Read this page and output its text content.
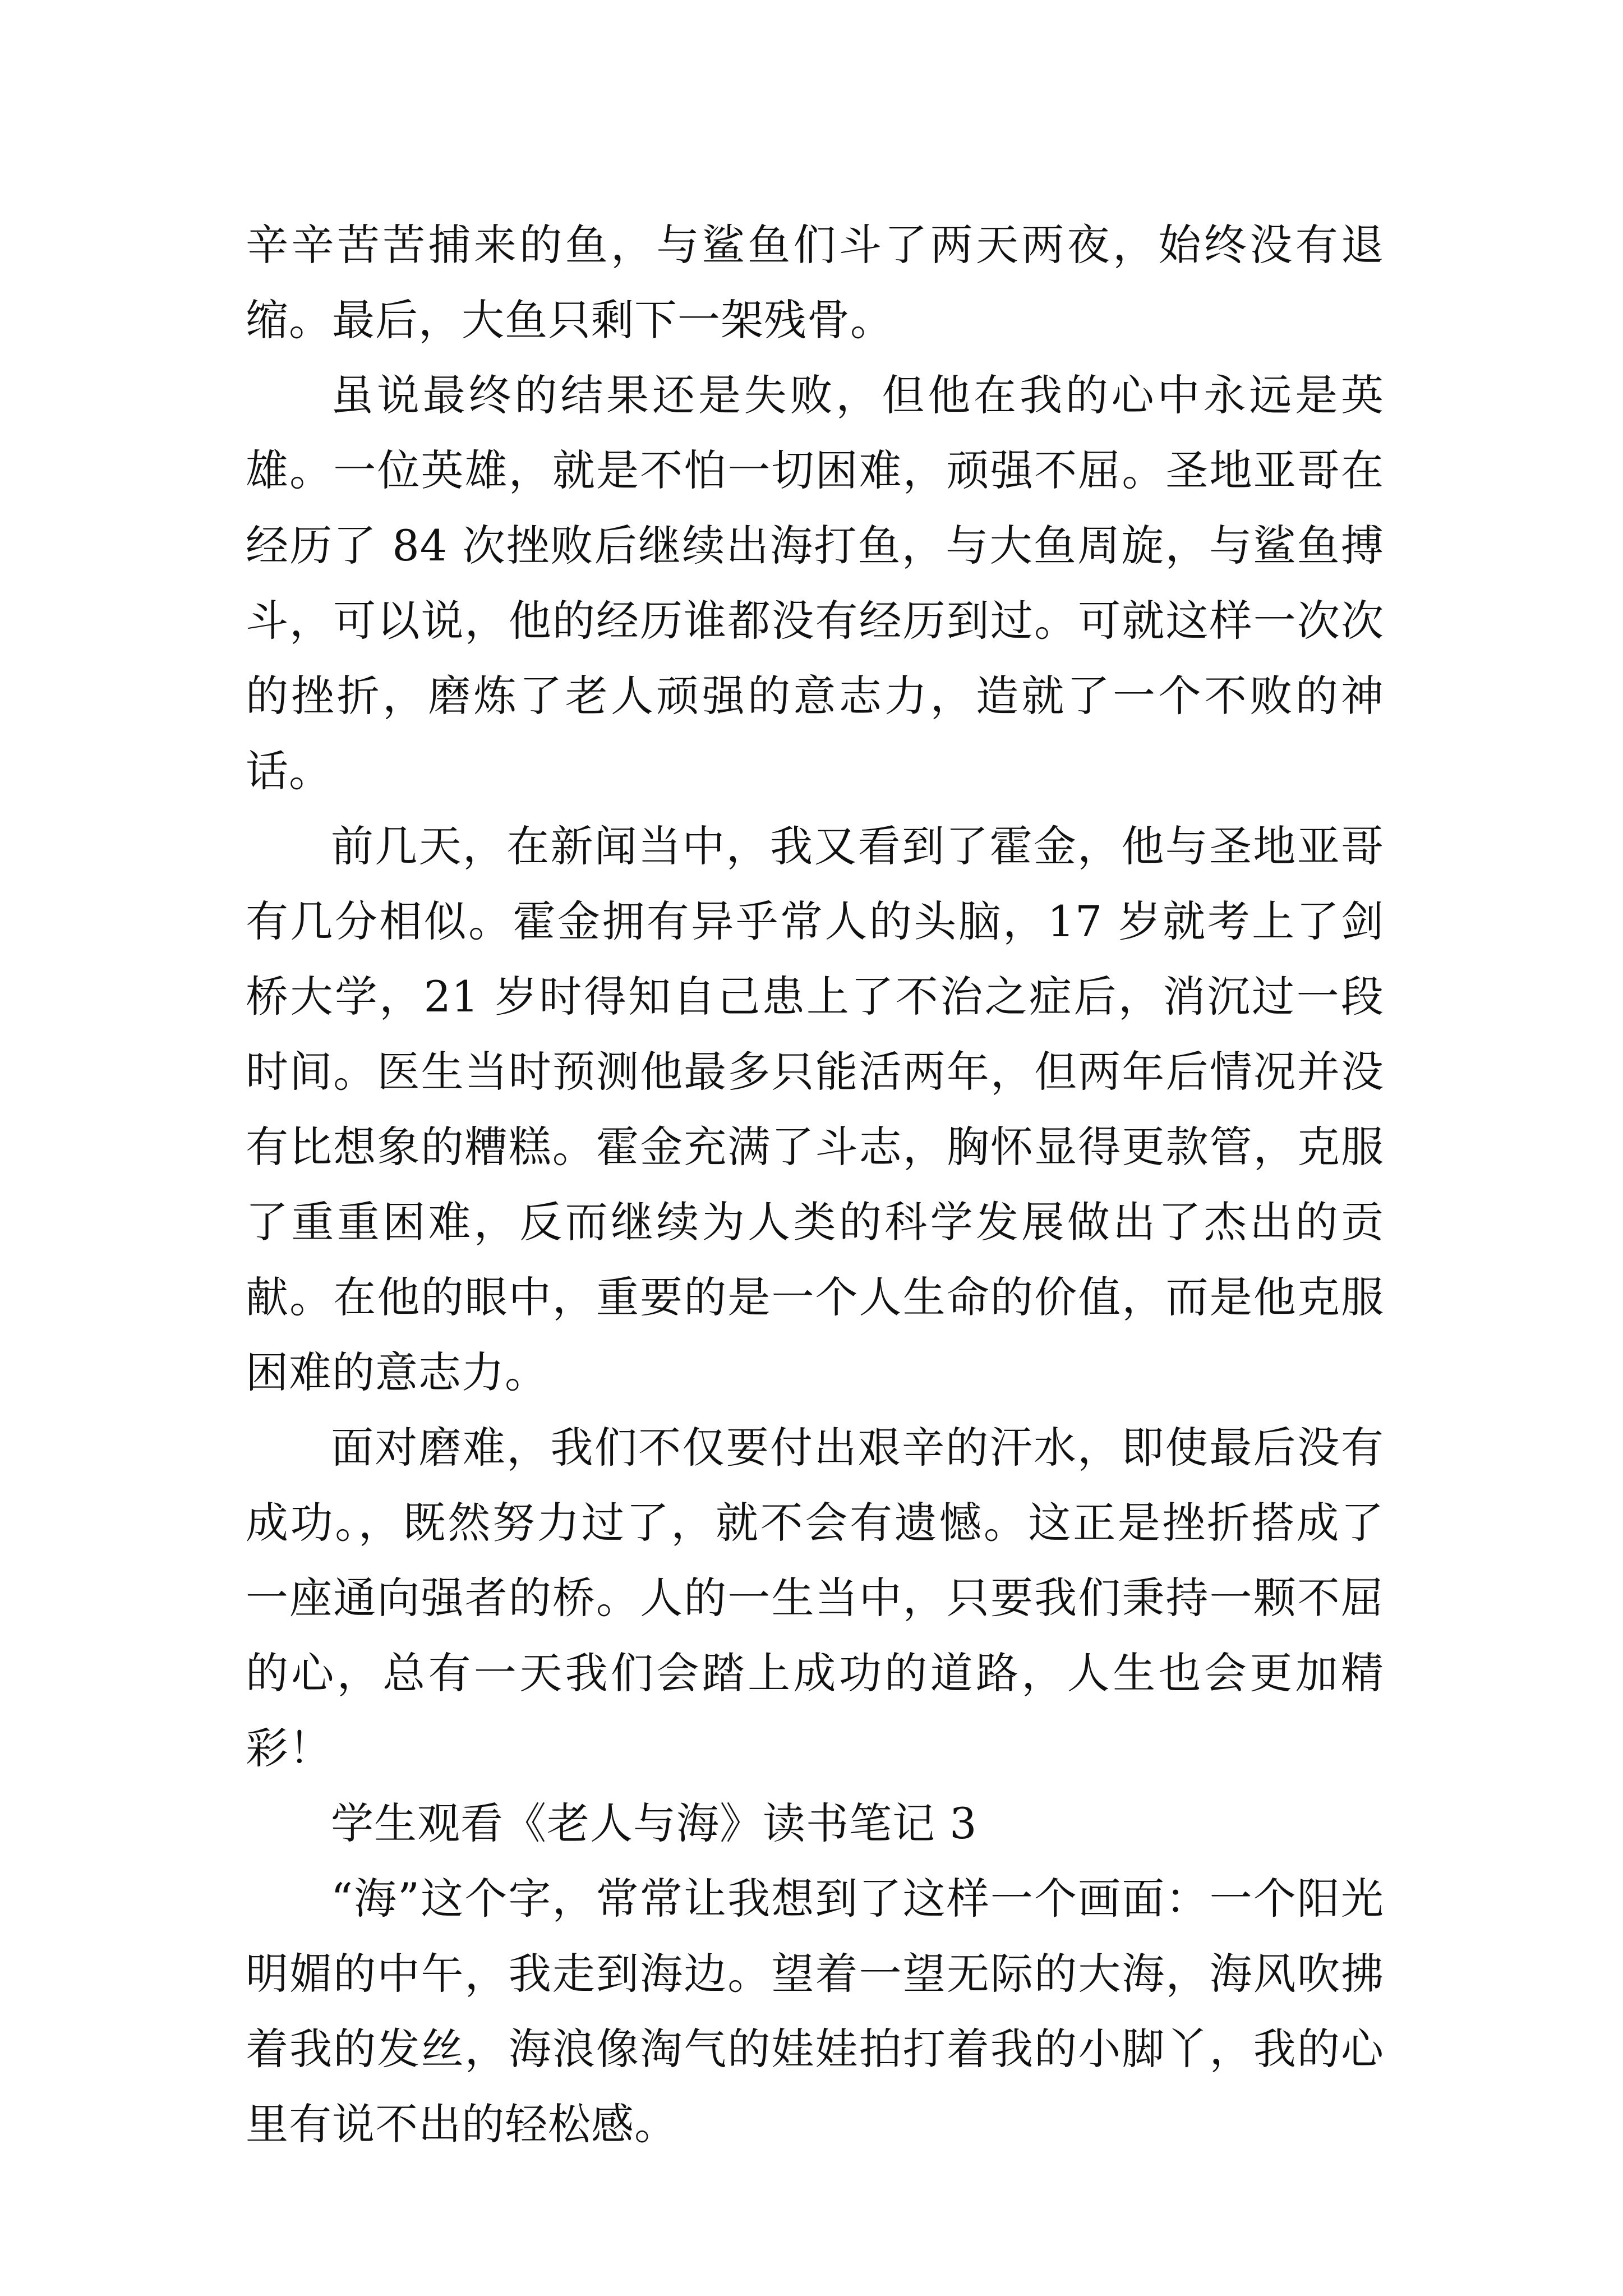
辛辛苦苦捕来的鱼，与鲨鱼们斗了两天两夜，始终没有退缩。最后，大鱼只剩下一架残骨。

虽说最终的结果还是失败，但他在我的心中永远是英雄。一位英雄，就是不怕一切困难，顽强不屈。圣地亚哥在经历了 84 次挫败后继续出海打鱼，与大鱼周旋，与鲨鱼搏斗，可以说，他的经历谁都没有经历到过。可就这样一次次的挫折，磨炼了老人顽强的意志力，造就了一个不败的神话。

前几天，在新闻当中，我又看到了霍金，他与圣地亚哥有几分相似。霍金拥有异乎常人的头脑，17 岁就考上了剑桥大学，21 岁时得知自己患上了不治之症后，消沉过一段时间。医生当时预测他最多只能活两年，但两年后情况并没有比想象的糟糕。霍金充满了斗志，胸怀显得更款管，克服了重重困难，反而继续为人类的科学发展做出了杰出的贡献。在他的眼中，重要的是一个人生命的价值，而是他克服困难的意志力。

面对磨难，我们不仅要付出艰辛的汗水，即使最后没有成功。，既然努力过了，就不会有遗憾。这正是挫折搭成了一座通向强者的桥。人的一生当中，只要我们秉持一颗不屈的心，总有一天我们会踏上成功的道路，人生也会更加精彩！

学生观看《老人与海》读书笔记 3

“海”这个字，常常让我想到了这样一个画面：一个阳光明媚的中午，我走到海边。望着一望无际的大海，海风吹拂着我的发丝，海浪像淘气的娃娃拍打着我的小脚丫，我的心里有说不出的轻松感。
